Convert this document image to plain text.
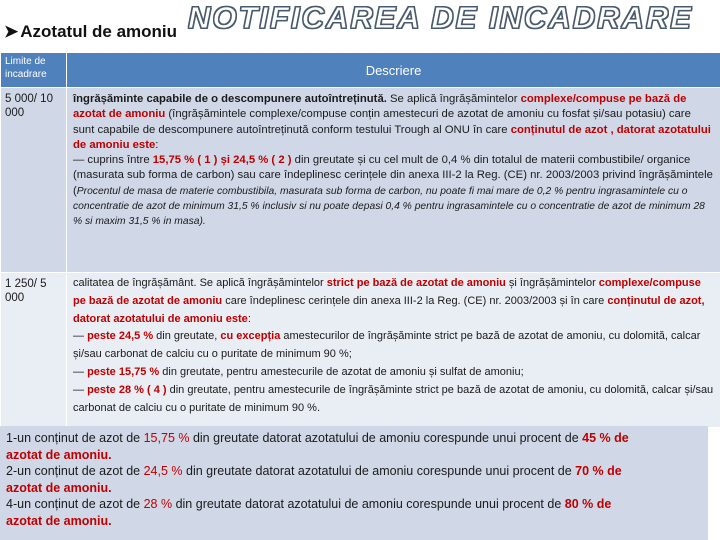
➤ Azotatul de amoniu NOTIFICAREA DE INCADRARE
Limite de incadrare	Descriere
5 000/ 10 000	îngrășăminte capabile de o descompunere autoîntreținută. Se aplică îngrășămintelor complexe/compuse pe bază de azotat de amoniu (îngrășămintele complexe/compuse conțin amestecuri de azotat de amoniu cu fosfat și/sau potasiu) care sunt capabile de descompunere autoîntreținută conform testului Trough al ONU în care conținutul de azot , datorat azotatului de amoniu este:
— cuprins între 15,75 % ( 1 ) și 24,5 % ( 2 ) din greutate și cu cel mult de 0,4 % din totalul de materii combustibile/ organice (masurata sub forma de carbon) sau care îndeplinesc cerințele din anexa III-2 la Reg. (CE) nr. 2003/2003 privind îngrășămintele (Procentul de masa de materie combustibila, masurata sub forma de carbon, nu poate fi mai mare de 0,2 % pentru ingrasamintele cu o concentratie de azot de minimum 31,5 % inclusiv si nu poate depasi 0,4 % pentru ingrasamintele cu o concentratie de azot de minimum 28 % si maxim 31,5 % in masa).
1 250/ 5 000	calitatea de îngrășământ. Se aplică îngrășămintelor strict pe bază de azotat de amoniu și îngrășămintelor complexe/compuse pe bază de azotat de amoniu care îndeplinesc cerințele din anexa III-2 la Reg. (CE) nr. 2003/2003 și în care conținutul de azot, datorat azotatului de amoniu este:
— peste 24,5 % din greutate, cu excepția amestecurilor de îngrășăminte strict pe bază de azotat de amoniu, cu dolomită, calcar și/sau carbonat de calciu cu o puritate de minimum 90 %;
— peste 15,75 % din greutate, pentru amestecurile de azotat de amoniu și sulfat de amoniu;
— peste 28 % ( 4 ) din greutate, pentru amestecurile de îngrășăminte strict pe bază de azotat de amoniu, cu dolomită, calcar și/sau carbonat de calciu cu o puritate de minimum 90 %.
1-un conținut de azot de 15,75 % din greutate datorat azotatului de amoniu corespunde unui procent de 45 % de
azotat de amoniu.
2-un conținut de azot de 24,5 % din greutate datorat azotatului de amoniu corespunde unui procent de 70 % de
azotat de amoniu.
4-un conținut de azot de 28 % din greutate datorat azotatului de amoniu corespunde unui procent de 80 % de
azotat de amoniu.
